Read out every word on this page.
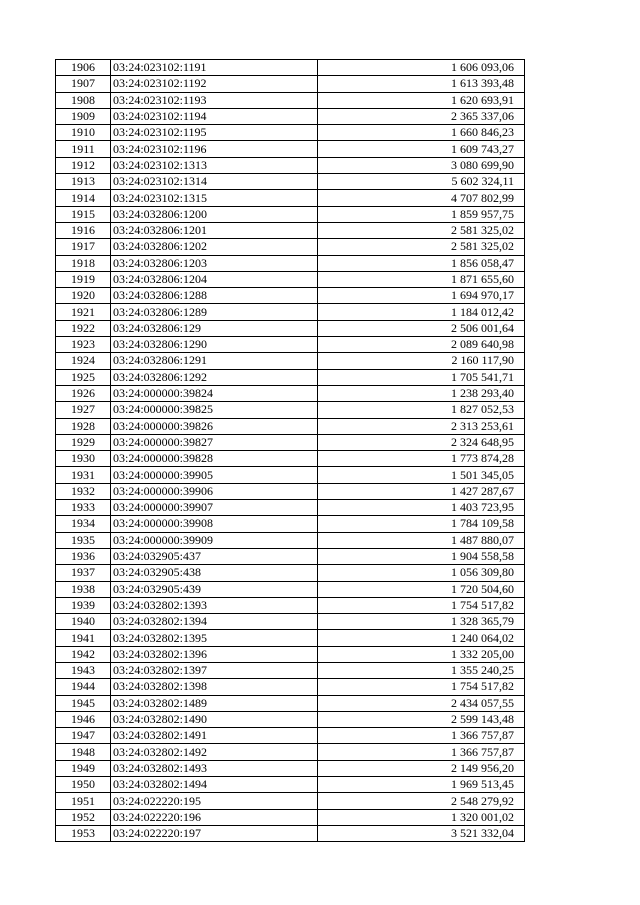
1906	03:24:023102:1191	1 606 093,06
1907	03:24:023102:1192	1 613 393,48
1908	03:24:023102:1193	1 620 693,91
1909	03:24:023102:1194	2 365 337,06
1910	03:24:023102:1195	1 660 846,23
1911	03:24:023102:1196	1 609 743,27
1912	03:24:023102:1313	3 080 699,90
1913	03:24:023102:1314	5 602 324,11
1914	03:24:023102:1315	4 707 802,99
1915	03:24:032806:1200	1 859 957,75
1916	03:24:032806:1201	2 581 325,02
1917	03:24:032806:1202	2 581 325,02
1918	03:24:032806:1203	1 856 058,47
1919	03:24:032806:1204	1 871 655,60
1920	03:24:032806:1288	1 694 970,17
1921	03:24:032806:1289	1 184 012,42
1922	03:24:032806:129	2 506 001,64
1923	03:24:032806:1290	2 089 640,98
1924	03:24:032806:1291	2 160 117,90
1925	03:24:032806:1292	1 705 541,71
1926	03:24:000000:39824	1 238 293,40
1927	03:24:000000:39825	1 827 052,53
1928	03:24:000000:39826	2 313 253,61
1929	03:24:000000:39827	2 324 648,95
1930	03:24:000000:39828	1 773 874,28
1931	03:24:000000:39905	1 501 345,05
1932	03:24:000000:39906	1 427 287,67
1933	03:24:000000:39907	1 403 723,95
1934	03:24:000000:39908	1 784 109,58
1935	03:24:000000:39909	1 487 880,07
1936	03:24:032905:437	1 904 558,58
1937	03:24:032905:438	1 056 309,80
1938	03:24:032905:439	1 720 504,60
1939	03:24:032802:1393	1 754 517,82
1940	03:24:032802:1394	1 328 365,79
1941	03:24:032802:1395	1 240 064,02
1942	03:24:032802:1396	1 332 205,00
1943	03:24:032802:1397	1 355 240,25
1944	03:24:032802:1398	1 754 517,82
1945	03:24:032802:1489	2 434 057,55
1946	03:24:032802:1490	2 599 143,48
1947	03:24:032802:1491	1 366 757,87
1948	03:24:032802:1492	1 366 757,87
1949	03:24:032802:1493	2 149 956,20
1950	03:24:032802:1494	1 969 513,45
1951	03:24:022220:195	2 548 279,92
1952	03:24:022220:196	1 320 001,02
1953	03:24:022220:197	3 521 332,04
